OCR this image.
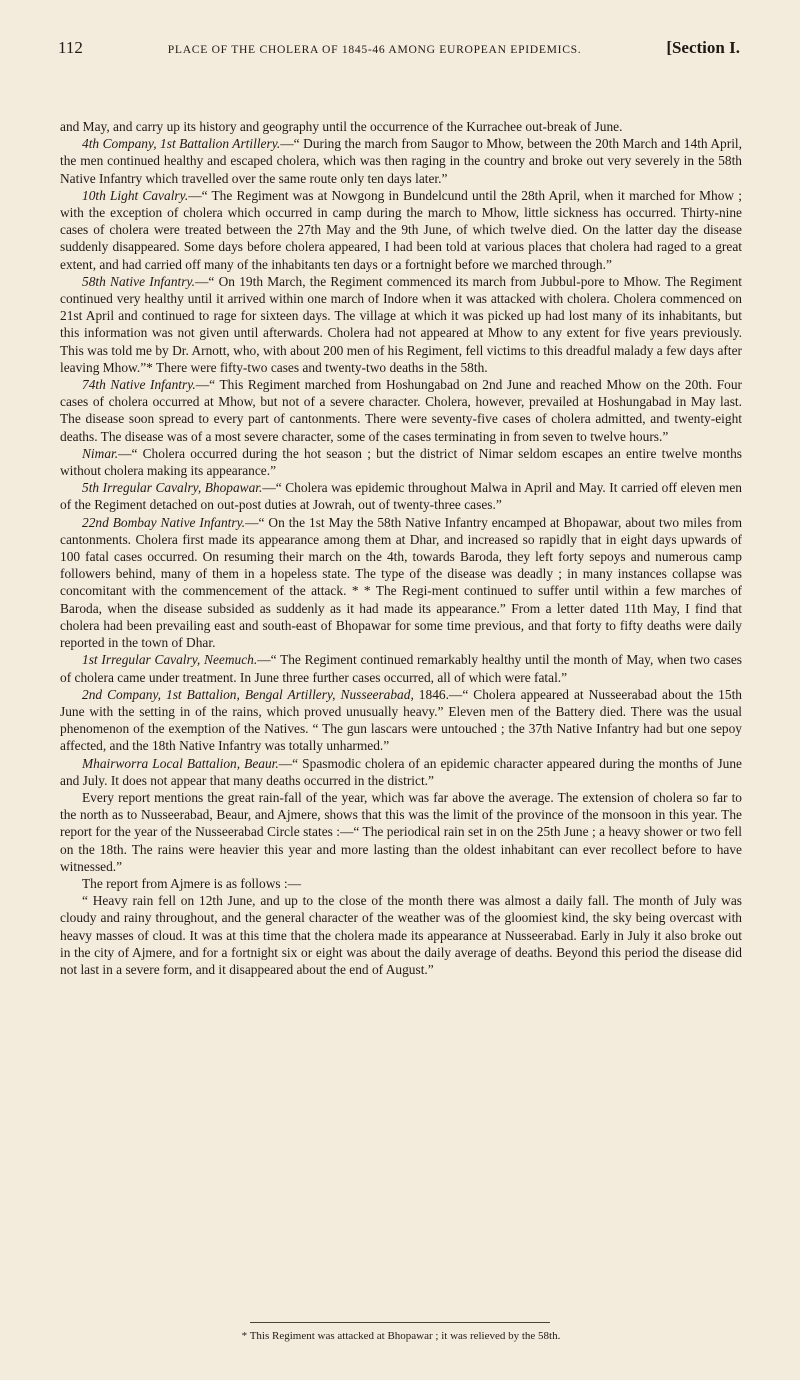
112	PLACE OF THE CHOLERA OF 1845-46 AMONG EUROPEAN EPIDEMICS.	[Section I.

and May, and carry up its history and geography until the occurrence of the Kurrachee out-break of June.

4th Company, 1st Battalion Artillery.—“ During the march from Saugor to Mhow, between the 20th March and 14th April, the men continued healthy and escaped cholera, which was then raging in the country and broke out very severely in the 58th Native Infantry which travelled over the same route only ten days later.”

10th Light Cavalry.—“ The Regiment was at Nowgong in Bundelcund until the 28th April, when it marched for Mhow ; with the exception of cholera which occurred in camp during the march to Mhow, little sickness has occurred. Thirty-nine cases of cholera were treated between the 27th May and the 9th June, of which twelve died. On the latter day the disease suddenly disappeared. Some days before cholera appeared, I had been told at various places that cholera had raged to a great extent, and had carried off many of the inhabitants ten days or a fortnight before we marched through.”

58th Native Infantry.—“ On 19th March, the Regiment commenced its march from Jubbul-pore to Mhow. The Regiment continued very healthy until it arrived within one march of Indore when it was attacked with cholera. Cholera commenced on 21st April and continued to rage for sixteen days. The village at which it was picked up had lost many of its inhabitants, but this information was not given until afterwards. Cholera had not appeared at Mhow to any extent for five years previously. This was told me by Dr. Arnott, who, with about 200 men of his Regiment, fell victims to this dreadful malady a few days after leaving Mhow.”* There were fifty-two cases and twenty-two deaths in the 58th.

74th Native Infantry.—“ This Regiment marched from Hoshungabad on 2nd June and reached Mhow on the 20th. Four cases of cholera occurred at Mhow, but not of a severe character. Cholera, however, prevailed at Hoshungabad in May last. The disease soon spread to every part of cantonments. There were seventy-five cases of cholera admitted, and twenty-eight deaths. The disease was of a most severe character, some of the cases terminating in from seven to twelve hours.”

Nimar.—“ Cholera occurred during the hot season ; but the district of Nimar seldom escapes an entire twelve months without cholera making its appearance.”

5th Irregular Cavalry, Bhopawar.—“ Cholera was epidemic throughout Malwa in April and May. It carried off eleven men of the Regiment detached on out-post duties at Jowrah, out of twenty-three cases.”

22nd Bombay Native Infantry.—“ On the 1st May the 58th Native Infantry encamped at Bhopawar, about two miles from cantonments. Cholera first made its appearance among them at Dhar, and increased so rapidly that in eight days upwards of 100 fatal cases occurred. On resuming their march on the 4th, towards Baroda, they left forty sepoys and numerous camp followers behind, many of them in a hopeless state. The type of the disease was deadly ; in many instances collapse was concomitant with the commencement of the attack. * * The Regi-ment continued to suffer until within a few marches of Baroda, when the disease subsided as suddenly as it had made its appearance.” From a letter dated 11th May, I find that cholera had been prevailing east and south-east of Bhopawar for some time previous, and that forty to fifty deaths were daily reported in the town of Dhar.

1st Irregular Cavalry, Neemuch.—“ The Regiment continued remarkably healthy until the month of May, when two cases of cholera came under treatment. In June three further cases occurred, all of which were fatal.”

2nd Company, 1st Battalion, Bengal Artillery, Nusseerabad, 1846.—“ Cholera appeared at Nusseerabad about the 15th June with the setting in of the rains, which proved unusually heavy.” Eleven men of the Battery died. There was the usual phenomenon of the exemption of the Natives. “ The gun lascars were untouched ; the 37th Native Infantry had but one sepoy affected, and the 18th Native Infantry was totally unharmed.”

Mhairworra Local Battalion, Beaur.—“ Spasmodic cholera of an epidemic character appeared during the months of June and July. It does not appear that many deaths occurred in the district.”

Every report mentions the great rain-fall of the year, which was far above the average. The extension of cholera so far to the north as to Nusseerabad, Beaur, and Ajmere, shows that this was the limit of the province of the monsoon in this year. The report for the year of the Nusseerabad Circle states :—“ The periodical rain set in on the 25th June ; a heavy shower or two fell on the 18th. The rains were heavier this year and more lasting than the oldest inhabitant can ever recollect before to have witnessed.”

The report from Ajmere is as follows :—

“ Heavy rain fell on 12th June, and up to the close of the month there was almost a daily fall. The month of July was cloudy and rainy throughout, and the general character of the weather was of the gloomiest kind, the sky being overcast with heavy masses of cloud. It was at this time that the cholera made its appearance at Nusseerabad. Early in July it also broke out in the city of Ajmere, and for a fortnight six or eight was about the daily average of deaths. Beyond this period the disease did not last in a severe form, and it disappeared about the end of August.”

* This Regiment was attacked at Bhopawar ; it was relieved by the 58th.
